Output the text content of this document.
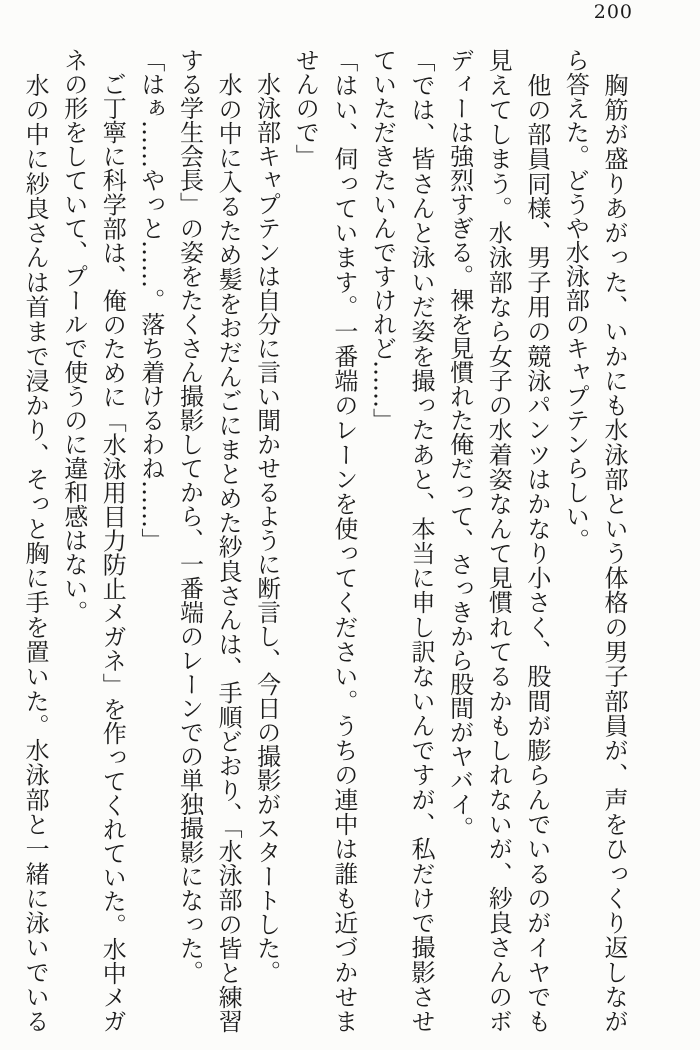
200
　胸筋が盛りあがった、いかにも水泳部という体格の男子部員が、声をひっくり返しなが
ら答えた。どうや水泳部のキャプテンらしい。
　他の部員同様、男子用の競泳パンツはかなり小さく、股間が膨らんでいるのがイヤでも
見えてしまう。水泳部なら女子の水着姿なんて見慣れてるかもしれないが、紗良さんのボ
ディーは強烈すぎる。裸を見慣れた俺だって、さっきから股間がヤバイ。
「では、皆さんと泳いだ姿を撮ったあと、本当に申し訳ないんですが、私だけで撮影させ
ていただきたいんですけれど……」
「はい、伺っています。一番端のレーンを使ってください。うちの連中は誰も近づかせま
せんので」
　水泳部キャプテンは自分に言い聞かせるように断言し、今日の撮影がスタートした。
　水の中に入るため髪をおだんごにまとめた紗良さんは、手順どおり、「水泳部の皆と練習
する学生会長」の姿をたくさん撮影してから、一番端のレーンでの単独撮影になった。
「はぁ……やっと……。落ち着けるわね……」
　ご丁寧に科学部は、俺のために「水泳用目力防止メガネ」を作ってくれていた。水中メガ
ネの形をしていて、プールで使うのに違和感はない。
　水の中に紗良さんは首まで浸かり、そっと胸に手を置いた。水泳部と一緒に泳いでいる
